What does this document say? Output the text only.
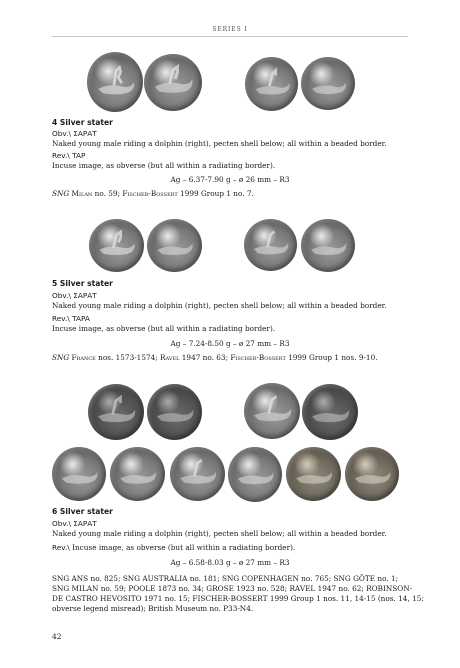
SERIES I
4 Silver stater
Obv.\ ΣΑΡΑΤ
Naked young male riding a dolphin (right), pecten shell below; all within a beaded border.
Rev.\ TAP
Incuse image, as obverse (but all within a radiating border).
Ag – 6.37-7.90 g – ø 26 mm – R3
SNG Milan no. 59; Fischer-Bossert 1999 Group 1 no. 7.
5 Silver stater
Obv.\ ΣΑΡΑΤ
Naked young male riding a dolphin (right), pecten shell below; all within a beaded border.
Rev.\ TAPA
Incuse image, as obverse (but all within a radiating border).
Ag – 7.24-8.50 g – ø 27 mm – R3
SNG France nos. 1573-1574; Ravel 1947 no. 63; Fischer-Bossert 1999 Group 1 nos. 9-10.
6 Silver stater
Obv.\ ΣΑΡΑΤ
Naked young male riding a dolphin (right), pecten shell below; all within a beaded border.
Rev.\ Incuse image, as obverse (but all within a radiating border).
Ag – 6.58-8.03 g – ø 27 mm – R3
SNG ANS no. 825; SNG AUSTRALIA no. 181; SNG COPENHAGEN no. 765; SNG GÖTE no. 1;
SNG MILAN no. 59; POOLE 1873 no. 34; GROSE 1923 no. 528; RAVEL 1947 no. 62; ROBINSON-
DE CASTRO HEVOSITO 1971 no. 15; FISCHER-BOSSERT 1999 Group 1 nos. 11, 14-15 (nos. 14, 15:
obverse legend misread); British Museum no. P33-N4.
42
